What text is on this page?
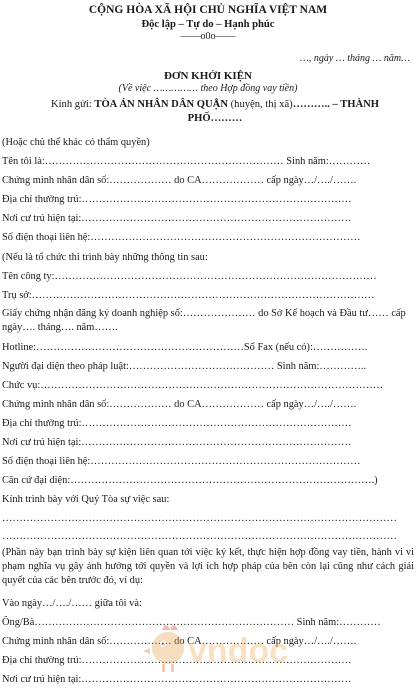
CỘNG HÒA XÃ HỘI CHỦ NGHĨA VIỆT NAM
Độc lập – Tự do – Hạnh phúc
——o0o——
…, ngày … tháng … năm…
ĐƠN KHỞI KIỆN
(Về việc …………… theo Hợp đồng vay tiền)
Kính gửi: TÒA ÁN NHÂN DÂN QUẬN (huyện, thị xã)……….. – THÀNH PHỐ………
(Hoặc chủ thể khác có thẩm quyền)
Tên tôi là:…………………………………………………………… Sinh năm:…………
Chứng minh nhân dân số:……………… do CA……………… cấp ngày…/…./…….
Địa chỉ thường trú:……………………………………………………………………
Nơi cư trú hiện tại:……………………………………………………………………
Số điện thoại liên hệ:……………………………………………………………………
(Nếu là tổ chức thì trình bày những thông tin sau:
Tên công ty:…………………………………………………………………………………
Trụ sở:………………………………………………………………………………………
Giấy chứng nhận đăng ký doanh nghiệp số:………………… do Sở Kế hoạch và Đầu tư…… cấp ngày…. tháng…. năm…….
Hotline:……………………………………………………Số Fax (nếu có):…………….
Người đại diện theo pháp luật:…………………………………… Sinh năm:…………..
Chức vụ:………………………………………………………………………………………
Chứng minh nhân dân số:……………… do CA……………… cấp ngày…/…./…….
Địa chỉ thường trú:……………………………………………………………………
Nơi cư trú hiện tại:……………………………………………………………………
Số điện thoại liên hệ:……………………………………………………………………
Căn cứ đại diện:…………………………………………………………………………….)
Kính trình bày với Quý Tòa sự việc sau:
……………………………………………………………………………………………………
……………………………………………………………………………………………………
(Phần này bạn trình bày sự kiện liên quan tới việc ký kết, thực hiện hợp đồng vay tiền, hành vi vi phạm nghĩa vụ gây ảnh hưởng tới quyền và lợi ích hợp pháp của bên còn lại cũng như cách giải quyết của các bên trước đó, ví dụ:
Vào ngày…/…./…… giữa tôi và:
Ông/Bà………………………………………………………………… Sinh năm:…………
Chứng minh nhân dân số:……………… do CA……………… cấp ngày…/…./…….
Địa chỉ thường trú:……………………………………………………………………
Nơi cư trú hiện tại:……………………………………………………………………
vndoc
